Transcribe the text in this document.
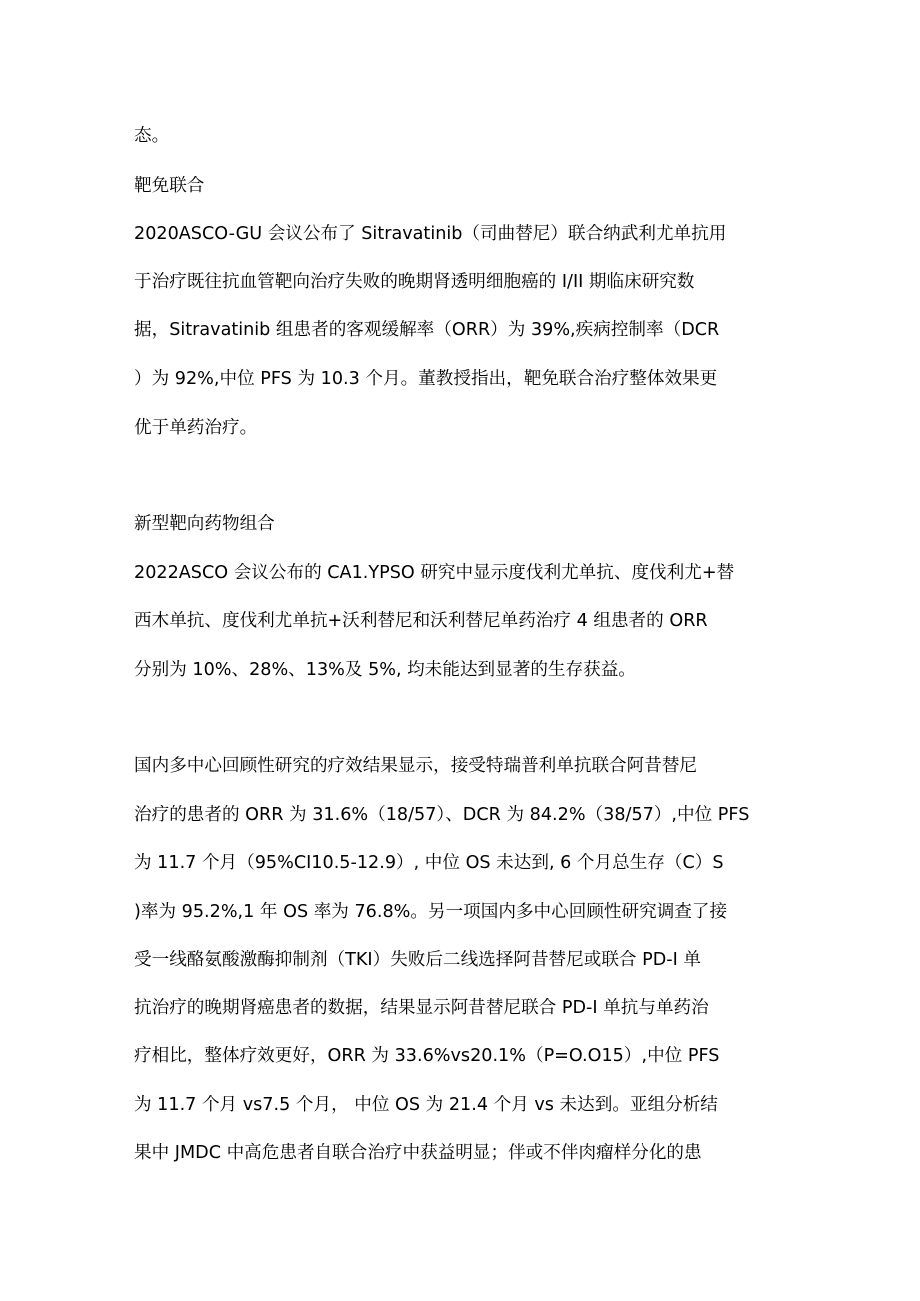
态。
靶免联合
2020ASCO-GU 会议公布了 Sitravatinib（司曲替尼）联合纳武利尤单抗用
于治疗既往抗血管靶向治疗失败的晚期肾透明细胞癌的 I/II 期临床研究数
据，Sitravatinib 组患者的客观缓解率（ORR）为 39%,疾病控制率（DCR
）为 92%,中位 PFS 为 10.3 个月。董教授指出，靶免联合治疗整体效果更
优于单药治疗。
新型靶向药物组合
2022ASCO 会议公布的 CA1.YPSO 研究中显示度伐利尤单抗、度伐利尤+替
西木单抗、度伐利尤单抗+沃利替尼和沃利替尼单药治疗 4 组患者的 ORR
分别为 10%、28%、13%及 5%, 均未能达到显著的生存获益。
国内多中心回顾性研究的疗效结果显示，接受特瑞普利单抗联合阿昔替尼
治疗的患者的 ORR 为 31.6%（18/57）、DCR 为 84.2%（38/57）,中位 PFS
为 11.7 个月（95%CI10.5-12.9）, 中位 OS 未达到, 6 个月总生存（C）S
)率为 95.2%,1 年 OS 率为 76.8%。另一项国内多中心回顾性研究调查了接
受一线酪氨酸激酶抑制剂（TKI）失败后二线选择阿昔替尼或联合 PD-I 单
抗治疗的晚期肾癌患者的数据，结果显示阿昔替尼联合 PD-I 单抗与单药治
疗相比，整体疗效更好，ORR 为 33.6%vs20.1%（P=O.O15）,中位 PFS
为 11.7 个月 vs7.5 个月， 中位 OS 为 21.4 个月 vs 未达到。亚组分析结
果中 JMDC 中高危患者自联合治疗中获益明显；伴或不伴肉瘤样分化的患
